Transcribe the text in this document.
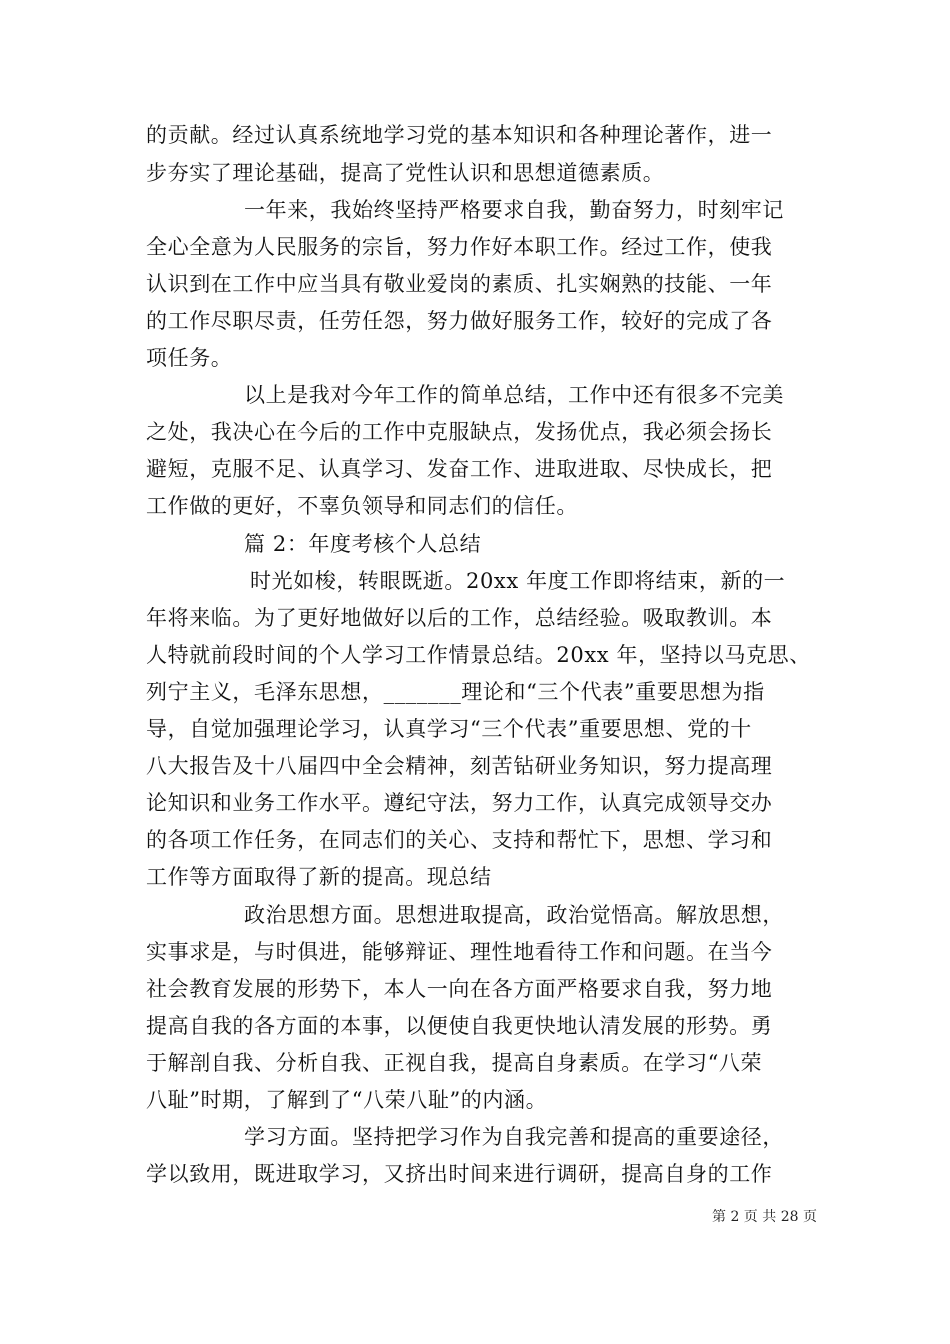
的贡献。经过认真系统地学习党的基本知识和各种理论著作，进一
步夯实了理论基础，提高了党性认识和思想道德素质。
一年来，我始终坚持严格要求自我，勤奋努力，时刻牢记
全心全意为人民服务的宗旨，努力作好本职工作。经过工作，使我
认识到在工作中应当具有敬业爱岗的素质、扎实娴熟的技能、一年
的工作尽职尽责，任劳任怨，努力做好服务工作，较好的完成了各
项任务。
以上是我对今年工作的简单总结，工作中还有很多不完美
之处，我决心在今后的工作中克服缺点，发扬优点，我必须会扬长
避短，克服不足、认真学习、发奋工作、进取进取、尽快成长，把
工作做的更好，不辜负领导和同志们的信任。
篇 2：年度考核个人总结
时光如梭，转眼既逝。20xx 年度工作即将结束，新的一
年将来临。为了更好地做好以后的工作，总结经验。吸取教训。本
人特就前段时间的个人学习工作情景总结。20xx 年，坚持以马克思、
列宁主义，毛泽东思想，_______理论和“三个代表”重要思想为指
导，自觉加强理论学习，认真学习“三个代表”重要思想、党的十
八大报告及十八届四中全会精神，刻苦钻研业务知识，努力提高理
论知识和业务工作水平。遵纪守法，努力工作，认真完成领导交办
的各项工作任务，在同志们的关心、支持和帮忙下，思想、学习和
工作等方面取得了新的提高。现总结
政治思想方面。思想进取提高，政治觉悟高。解放思想，
实事求是，与时俱进，能够辩证、理性地看待工作和问题。在当今
社会教育发展的形势下，本人一向在各方面严格要求自我，努力地
提高自我的各方面的本事，以便使自我更快地认清发展的形势。勇
于解剖自我、分析自我、正视自我，提高自身素质。在学习“八荣
八耻”时期，了解到了“八荣八耻”的内涵。
学习方面。坚持把学习作为自我完善和提高的重要途径，
学以致用，既进取学习，又挤出时间来进行调研，提高自身的工作
第 2 页 共 28 页
